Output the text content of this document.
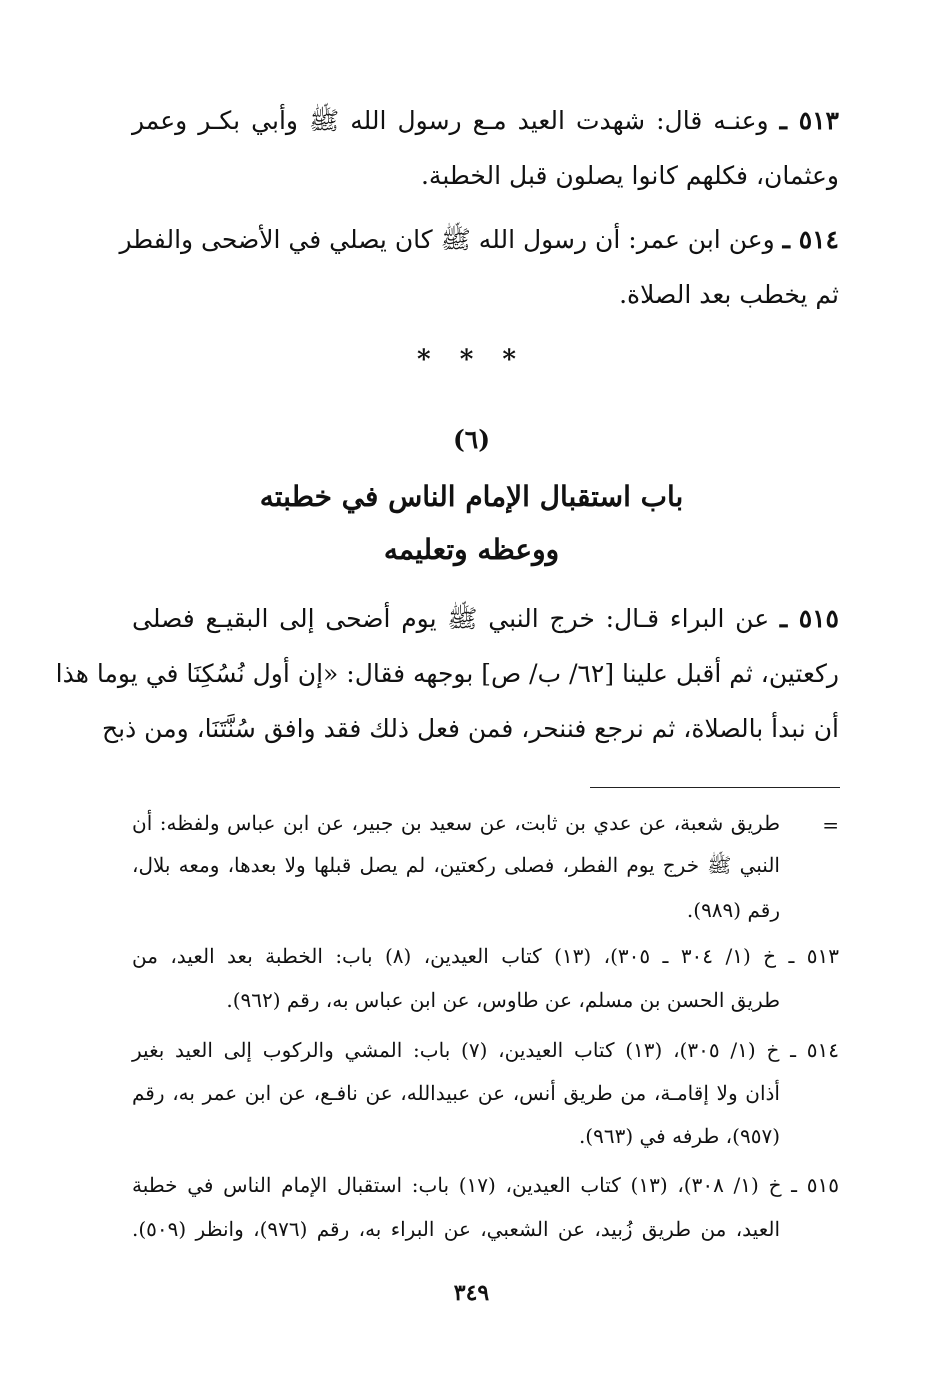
٥١٣ ـ وعنـه قال: شهدت العيد مـع رسول الله ﷺ وأبي بكـر وعمر
وعثمان، فكلهم كانوا يصلون قبل الخطبة.
٥١٤ ـ وعن ابن عمر: أن رسول الله ﷺ كان يصلي في الأضحى والفطر
ثم يخطب بعد الصلاة.
* * *
(٦)
باب استقبال الإمام الناس في خطبته
ووعظه وتعليمه
٥١٥ ـ عن البراء قـال: خرج النبي ﷺ يوم أضحى إلى البقيـع فصلى
ركعتين، ثم أقبل علينا [٦٢/ ب/ ص] بوجهه فقال: «إن أول نُسُكِنَا في يوما هذا
أن نبدأ بالصلاة، ثم نرجع فننحر، فمن فعل ذلك فقد وافق سُنَّتَنَا، ومن ذبح
=
طريق شعبة، عن عدي بن ثابت، عن سعيد بن جبير، عن ابن عباس ولفظه: أن
النبي ﷺ خرج يوم الفطر، فصلى ركعتين، لم يصل قبلها ولا بعدها، ومعه بلال،
رقم (٩٨٩).
٥١٣ ـ خ (١/ ٣٠٤ ـ ٣٠٥)، (١٣) كتاب العيدين، (٨) باب: الخطبة بعد العيد، من
طريق الحسن بن مسلم، عن طاوس، عن ابن عباس به، رقم (٩٦٢).
٥١٤ ـ خ (١/ ٣٠٥)، (١٣) كتاب العيدين، (٧) باب: المشي والركوب إلى العيد بغير
أذان ولا إقامـة، من طريق أنس، عن عبيدالله، عن نافـع، عن ابن عمر به، رقم
(٩٥٧)، طرفه في (٩٦٣).
٥١٥ ـ خ (١/ ٣٠٨)، (١٣) كتاب العيدين، (١٧) باب: استقبال الإمام الناس في خطبة
العيد، من طريق زُبيد، عن الشعبي، عن البراء به، رقم (٩٧٦)، وانظر (٥٠٩).
٣٤٩
